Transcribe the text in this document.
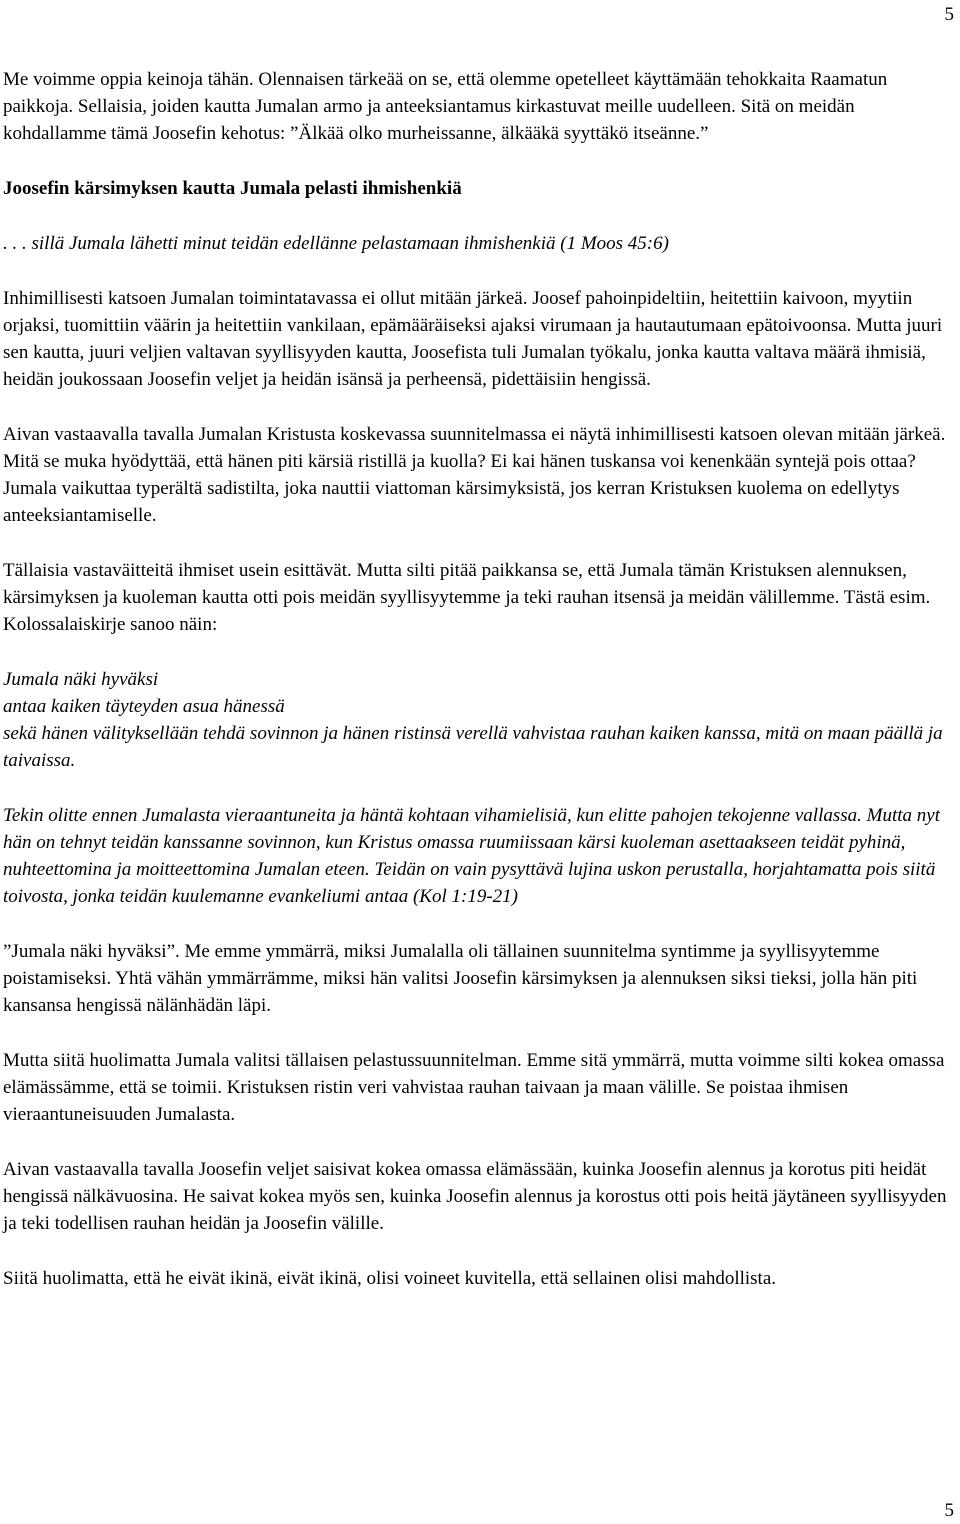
5

Me voimme oppia keinoja tähän. Olennaisen tärkeää on se, että olemme opetelleet käyttämään tehokkaita Raamatun paikkoja. Sellaisia, joiden kautta Jumalan armo ja anteeksiantamus kirkastuvat meille uudelleen. Sitä on meidän kohdallamme tämä Joosefin kehotus: ”Älkää olko murheissanne, älkääkä syyttäkö itseänne.”

Joosefin kärsimyksen kautta Jumala pelasti ihmishenkiä

. . . sillä Jumala lähetti minut teidän edellänne pelastamaan ihmishenkiä (1 Moos 45:6)

Inhimillisesti katsoen Jumalan toimintatavassa ei ollut mitään järkeä. Joosef pahoinpideltiin, heitettiin kaivoon, myytiin orjaksi, tuomittiin väärin ja heitettiin vankilaan, epämääräiseksi ajaksi virumaan ja hautautumaan epätoivoonsa. Mutta juuri sen kautta, juuri veljien valtavan syyllisyyden kautta, Joosefista tuli Jumalan työkalu, jonka kautta valtava määrä ihmisiä, heidän joukossaan Joosefin veljet ja heidän isänsä ja perheensä, pidettäisiin hengissä.

Aivan vastaavalla tavalla Jumalan Kristusta koskevassa suunnitelmassa ei näytä inhimillisesti katsoen olevan mitään järkeä. Mitä se muka hyödyttää, että hänen piti kärsiä ristillä ja kuolla? Ei kai hänen tuskansa voi kenenkään syntejä pois ottaa? Jumala vaikuttaa typerältä sadistilta, joka nauttii viattoman kärsimyksistä, jos kerran Kristuksen kuolema on edellytys anteeksiantamiselle.

Tällaisia vastaväitteitä ihmiset usein esittävät. Mutta silti pitää paikkansa se, että Jumala tämän Kristuksen alennuksen, kärsimyksen ja kuoleman kautta otti pois meidän syyllisyytemme ja teki rauhan itsensä ja meidän välillemme. Tästä esim. Kolossalaiskirje sanoo näin:

Jumala näki hyväksi
antaa kaiken täyteyden asua hänessä
sekä hänen välityksellään tehdä sovinnon ja hänen ristinsä verellä vahvistaa rauhan kaiken kanssa, mitä on maan päällä ja taivaissa.

Tekin olitte ennen Jumalasta vieraantuneita ja häntä kohtaan vihamielisiä, kun elitte pahojen tekojenne vallassa. Mutta nyt hän on tehnyt teidän kanssanne sovinnon, kun Kristus omassa ruumiissaan kärsi kuoleman asettaakseen teidät pyhinä, nuhteettomina ja moitteettomina Jumalan eteen. Teidän on vain pysyttävä lujina uskon perustalla, horjahtamatta pois siitä toivosta, jonka teidän kuulemanne evankeliumi antaa (Kol 1:19-21)

”Jumala näki hyväksi”. Me emme ymmärrä, miksi Jumalalla oli tällainen suunnitelma syntimme ja syyllisyytemme poistamiseksi. Yhtä vähän ymmärrämme, miksi hän valitsi Joosefin kärsimyksen ja alennuksen siksi tieksi, jolla hän piti kansansa hengissä nälänhädän läpi.

Mutta siitä huolimatta Jumala valitsi tällaisen pelastussuunnitelman. Emme sitä ymmärrä, mutta voimme silti kokea omassa elämässämme, että se toimii. Kristuksen ristin veri vahvistaa rauhan taivaan ja maan välille. Se poistaa ihmisen vieraantuneisuuden Jumalasta.

Aivan vastaavalla tavalla Joosefin veljet saisivat kokea omassa elämässään, kuinka Joosefin alennus ja korotus piti heidät hengissä nälkävuosina. He saivat kokea myös sen, kuinka Joosefin alennus ja korostus otti pois heitä jäytäneen syyllisyyden ja teki todellisen rauhan heidän ja Joosefin välille.

Siitä huolimatta, että he eivät ikinä, eivät ikinä, olisi voineet kuvitella, että sellainen olisi mahdollista.

5
